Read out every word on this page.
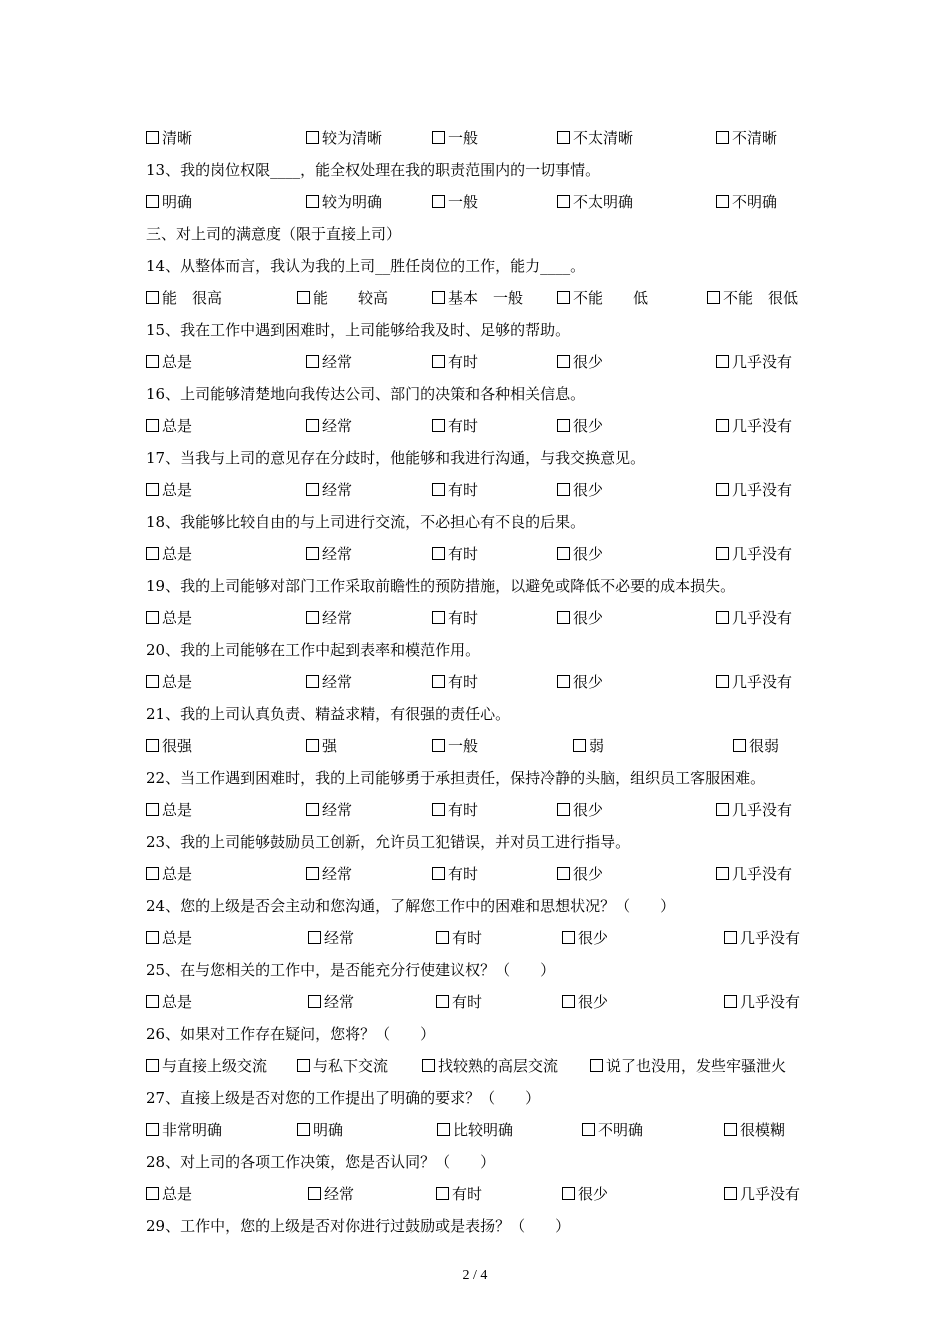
清晰	较为清晰	一般	不太清晰	不清晰
13、我的岗位权限____，能全权处理在我的职责范围内的一切事情。
明确	较为明确	一般	不太明确	不明确
三、对上司的满意度（限于直接上司）
14、从整体而言，我认为我的上司__胜任岗位的工作，能力____。
能　很高	能　　较高	基本　一般	不能　　低	不能　很低
15、我在工作中遇到困难时，上司能够给我及时、足够的帮助。
总是	经常	有时	很少	几乎没有
16、上司能够清楚地向我传达公司、部门的决策和各种相关信息。
总是	经常	有时	很少	几乎没有
17、当我与上司的意见存在分歧时，他能够和我进行沟通，与我交换意见。
总是	经常	有时	很少	几乎没有
18、我能够比较自由的与上司进行交流，不必担心有不良的后果。
总是	经常	有时	很少	几乎没有
19、我的上司能够对部门工作采取前瞻性的预防措施，以避免或降低不必要的成本损失。
总是	经常	有时	很少	几乎没有
20、我的上司能够在工作中起到表率和模范作用。
总是	经常	有时	很少	几乎没有
21、我的上司认真负责、精益求精，有很强的责任心。
很强	强	一般	弱	很弱
22、当工作遇到困难时，我的上司能够勇于承担责任，保持冷静的头脑，组织员工客服困难。
总是	经常	有时	很少	几乎没有
23、我的上司能够鼓励员工创新，允许员工犯错误，并对员工进行指导。
总是	经常	有时	很少	几乎没有
24、您的上级是否会主动和您沟通，了解您工作中的困难和思想状况？（　　）
总是	经常	有时	很少	几乎没有
25、在与您相关的工作中，是否能充分行使建议权？（　　）
总是	经常	有时	很少	几乎没有
26、如果对工作存在疑问，您将？（　　）
与直接上级交流	与私下交流	找较熟的高层交流	说了也没用，发些牢骚泄火
27、直接上级是否对您的工作提出了明确的要求？（　　）
非常明确	明确	比较明确	不明确	很模糊
28、对上司的各项工作决策，您是否认同？（　　）
总是	经常	有时	很少	几乎没有
29、工作中，您的上级是否对你进行过鼓励或是表扬？（　　）
2 / 4
